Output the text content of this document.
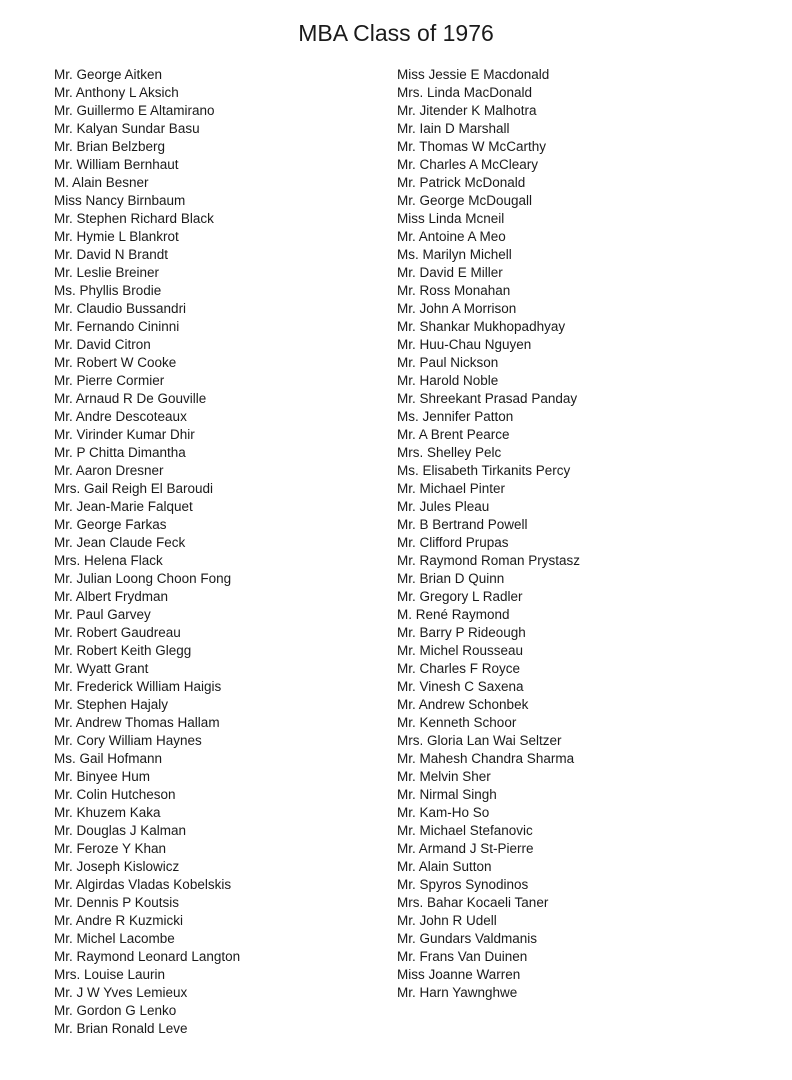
MBA Class of 1976
Mr. George Aitken
Mr. Anthony L Aksich
Mr. Guillermo E Altamirano
Mr. Kalyan Sundar Basu
Mr. Brian Belzberg
Mr. William Bernhaut
M. Alain Besner
Miss Nancy Birnbaum
Mr. Stephen Richard Black
Mr. Hymie L Blankrot
Mr. David N Brandt
Mr. Leslie Breiner
Ms. Phyllis Brodie
Mr. Claudio Bussandri
Mr. Fernando Cininni
Mr. David Citron
Mr. Robert W Cooke
Mr. Pierre Cormier
Mr. Arnaud R De Gouville
Mr. Andre Descoteaux
Mr. Virinder Kumar Dhir
Mr. P Chitta Dimantha
Mr. Aaron Dresner
Mrs. Gail Reigh El Baroudi
Mr. Jean-Marie Falquet
Mr. George Farkas
Mr. Jean Claude Feck
Mrs. Helena Flack
Mr. Julian Loong Choon Fong
Mr. Albert Frydman
Mr. Paul Garvey
Mr. Robert Gaudreau
Mr. Robert Keith Glegg
Mr. Wyatt Grant
Mr. Frederick William Haigis
Mr. Stephen Hajaly
Mr. Andrew Thomas Hallam
Mr. Cory William Haynes
Ms. Gail Hofmann
Mr. Binyee Hum
Mr. Colin Hutcheson
Mr. Khuzem Kaka
Mr. Douglas J Kalman
Mr. Feroze Y Khan
Mr. Joseph Kislowicz
Mr. Algirdas Vladas Kobelskis
Mr. Dennis P Koutsis
Mr. Andre R Kuzmicki
Mr. Michel Lacombe
Mr. Raymond Leonard Langton
Mrs. Louise Laurin
Mr. J W Yves Lemieux
Mr. Gordon G Lenko
Mr. Brian Ronald Leve
Miss Jessie E Macdonald
Mrs. Linda MacDonald
Mr. Jitender K Malhotra
Mr. Iain D Marshall
Mr. Thomas W McCarthy
Mr. Charles A McCleary
Mr. Patrick McDonald
Mr. George McDougall
Miss Linda Mcneil
Mr. Antoine A Meo
Ms. Marilyn Michell
Mr. David E Miller
Mr. Ross Monahan
Mr. John A Morrison
Mr. Shankar Mukhopadhyay
Mr. Huu-Chau Nguyen
Mr. Paul Nickson
Mr. Harold Noble
Mr. Shreekant Prasad Panday
Ms. Jennifer Patton
Mr. A Brent Pearce
Mrs. Shelley Pelc
Ms. Elisabeth Tirkanits Percy
Mr. Michael Pinter
Mr. Jules Pleau
Mr. B Bertrand Powell
Mr. Clifford Prupas
Mr. Raymond Roman Prystasz
Mr. Brian D Quinn
Mr. Gregory L Radler
M. René Raymond
Mr. Barry P Rideough
Mr. Michel Rousseau
Mr. Charles F Royce
Mr. Vinesh C Saxena
Mr. Andrew Schonbek
Mr. Kenneth Schoor
Mrs. Gloria Lan Wai Seltzer
Mr. Mahesh Chandra Sharma
Mr. Melvin Sher
Mr. Nirmal Singh
Mr. Kam-Ho So
Mr. Michael Stefanovic
Mr. Armand J St-Pierre
Mr. Alain Sutton
Mr. Spyros Synodinos
Mrs. Bahar Kocaeli Taner
Mr. John R Udell
Mr. Gundars Valdmanis
Mr. Frans Van Duinen
Miss Joanne Warren
Mr. Harn Yawnghwe
